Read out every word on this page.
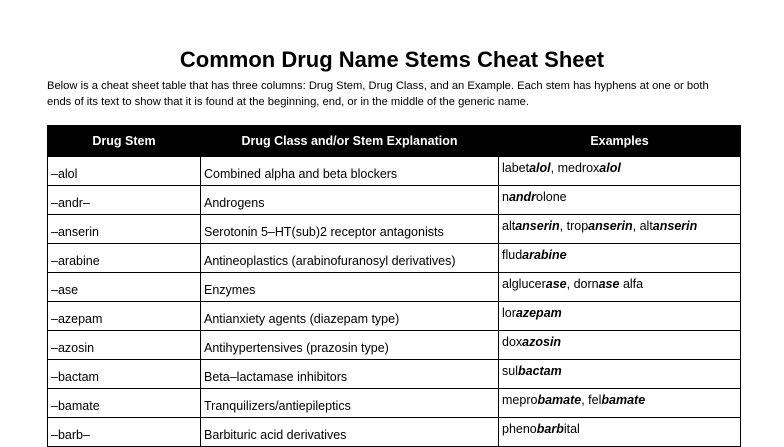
Common Drug Name Stems Cheat Sheet
Below is a cheat sheet table that has three columns: Drug Stem, Drug Class, and an Example. Each stem has hyphens at one or both
ends of its text to show that it is found at the beginning, end, or in the middle of the generic name.
Drug Stem	Drug Class and/or Stem Explanation	Examples
–alol	Combined alpha and beta blockers	labetalol, medroxalol
–andr–	Androgens	nandrolone
–anserin	Serotonin 5–HT(sub)2 receptor antagonists	altanserin, tropanserin, altanserin
–arabine	Antineoplastics (arabinofuranosyl derivatives)	fludarabine
–ase	Enzymes	alglucerase, dornase alfa
–azepam	Antianxiety agents (diazepam type)	lorazepam
–azosin	Antihypertensives (prazosin type)	doxazosin
–bactam	Beta–lactamase inhibitors	sulbactam
–bamate	Tranquilizers/antiepileptics	meprobamate, felbamate
–barb–	Barbituric acid derivatives	phenobarbital
